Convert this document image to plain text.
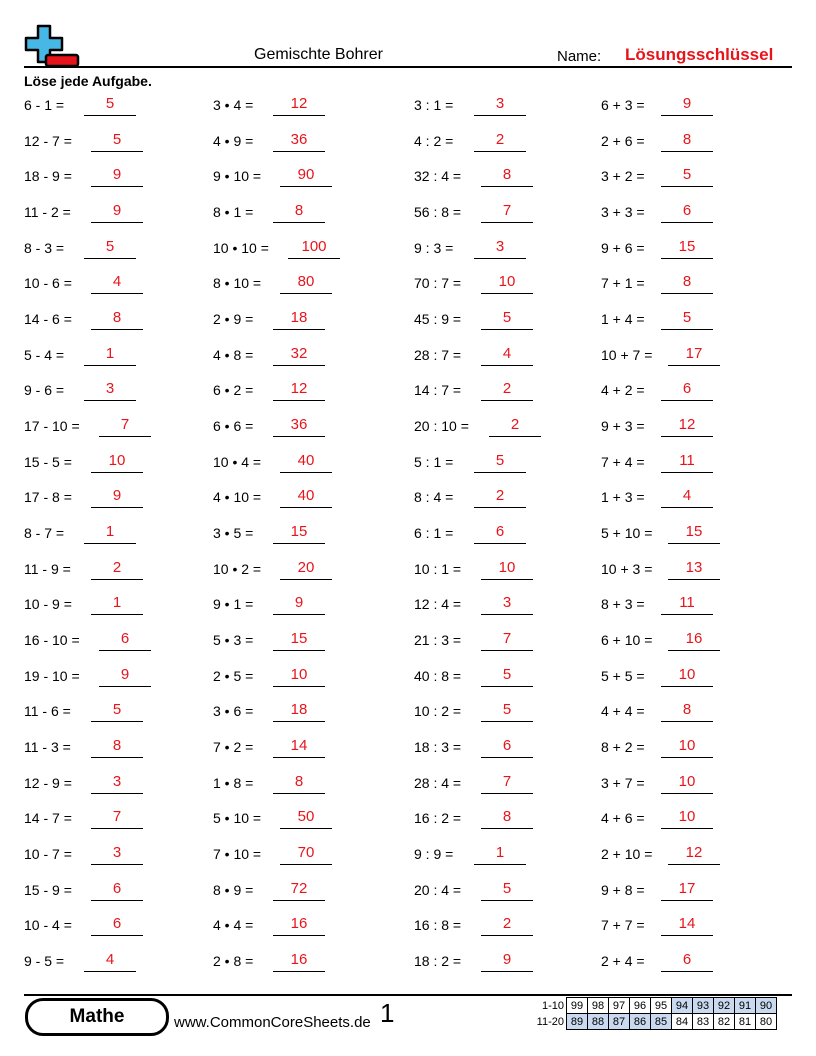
Gemischte Bohrer	Name: Lösungsschlüssel
Löse jede Aufgabe.
6 - 1 =	5
12 - 7 =	5
18 - 9 =	9
11 - 2 =	9
8 - 3 =	5
10 - 6 =	4
14 - 6 =	8
5 - 4 =	1
9 - 6 =	3
17 - 10 =	7
15 - 5 =	10
17 - 8 =	9
8 - 7 =	1
11 - 9 =	2
10 - 9 =	1
16 - 10 =	6
19 - 10 =	9
11 - 6 =	5
11 - 3 =	8
12 - 9 =	3
14 - 7 =	7
10 - 7 =	3
15 - 9 =	6
10 - 4 =	6
9 - 5 =	4
3 • 4 =	12
4 • 9 =	36
9 • 10 =	90
8 • 1 =	8
10 • 10 =	100
8 • 10 =	80
2 • 9 =	18
4 • 8 =	32
6 • 2 =	12
6 • 6 =	36
10 • 4 =	40
4 • 10 =	40
3 • 5 =	15
10 • 2 =	20
9 • 1 =	9
5 • 3 =	15
2 • 5 =	10
3 • 6 =	18
7 • 2 =	14
1 • 8 =	8
5 • 10 =	50
7 • 10 =	70
8 • 9 =	72
4 • 4 =	16
2 • 8 =	16
3 : 1 =	3
4 : 2 =	2
32 : 4 =	8
56 : 8 =	7
9 : 3 =	3
70 : 7 =	10
45 : 9 =	5
28 : 7 =	4
14 : 7 =	2
20 : 10 =	2
5 : 1 =	5
8 : 4 =	2
6 : 1 =	6
10 : 1 =	10
12 : 4 =	3
21 : 3 =	7
40 : 8 =	5
10 : 2 =	5
18 : 3 =	6
28 : 4 =	7
16 : 2 =	8
9 : 9 =	1
20 : 4 =	5
16 : 8 =	2
18 : 2 =	9
6 + 3 =	9
2 + 6 =	8
3 + 2 =	5
3 + 3 =	6
9 + 6 =	15
7 + 1 =	8
1 + 4 =	5
10 + 7 =	17
4 + 2 =	6
9 + 3 =	12
7 + 4 =	11
1 + 3 =	4
5 + 10 =	15
10 + 3 =	13
8 + 3 =	11
6 + 10 =	16
5 + 5 =	10
4 + 4 =	8
8 + 2 =	10
3 + 7 =	10
4 + 6 =	10
2 + 10 =	12
9 + 8 =	17
7 + 7 =	14
2 + 4 =	6
Mathe	www.CommonCoreSheets.de 1	1-10	99	98	97	96	95	94	93	92	91	90
11-20	89	88	87	86	85	84	83	82	81	80
